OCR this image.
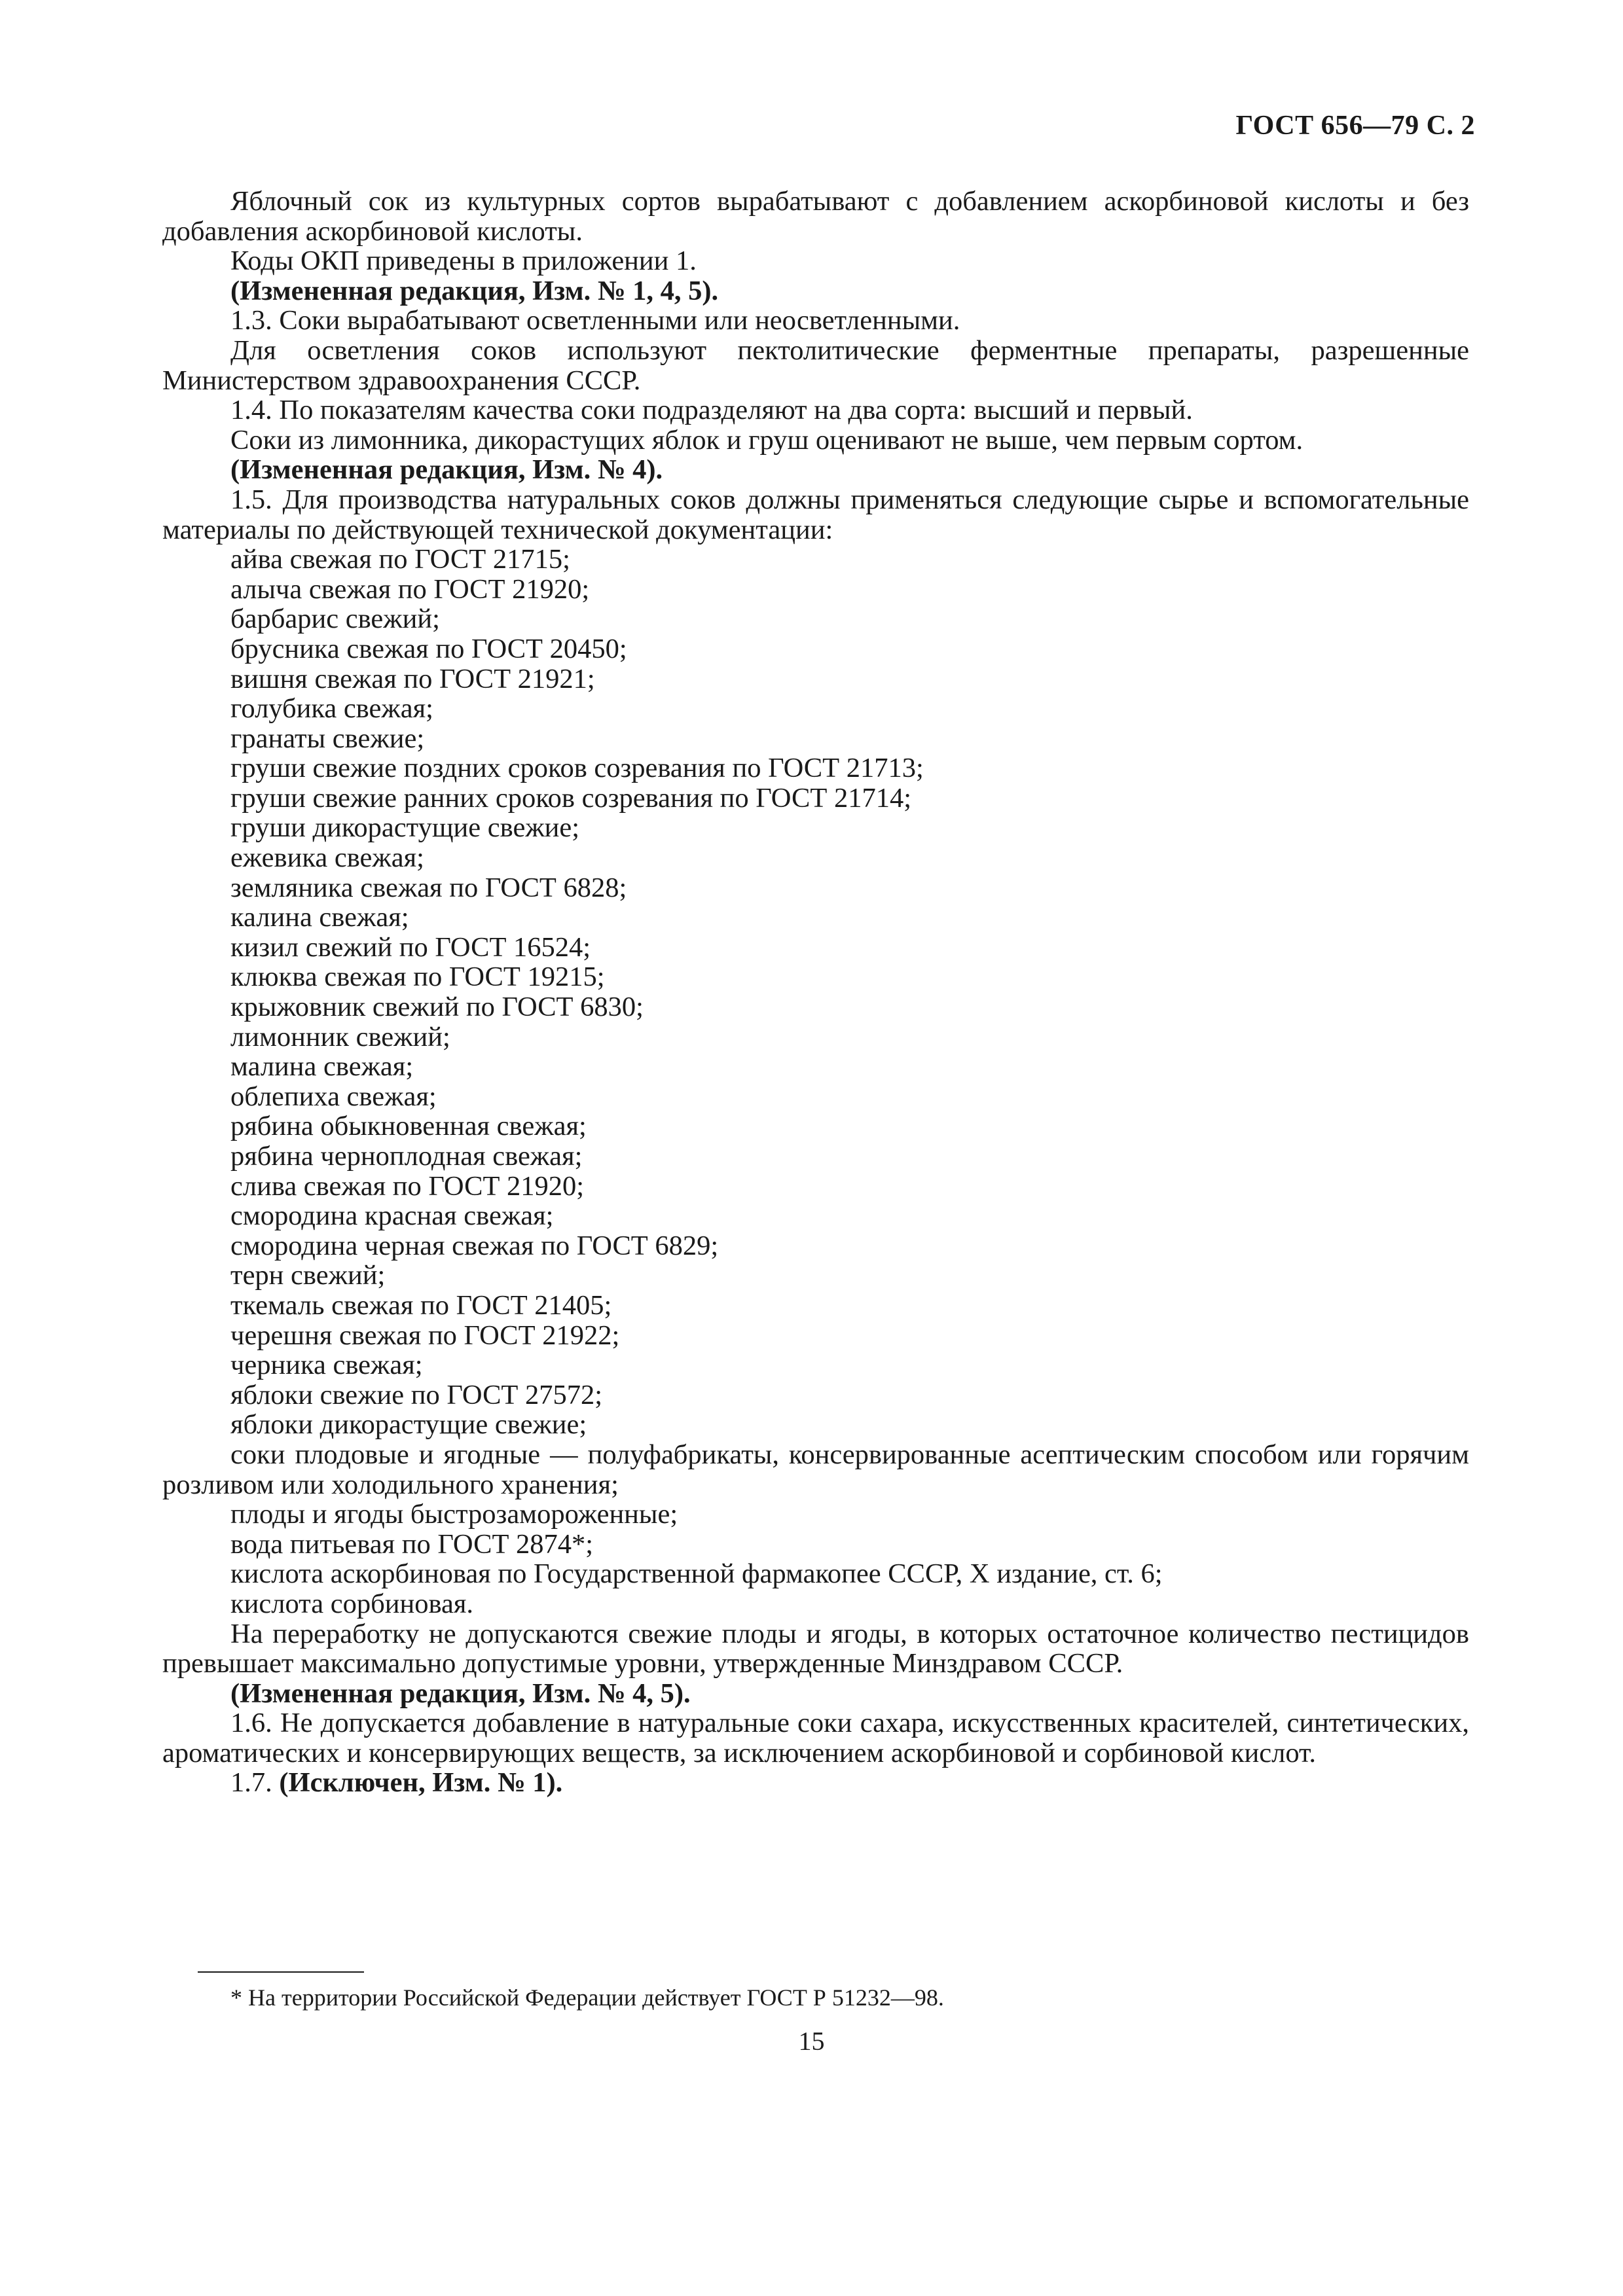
ГОСТ 656—79 С. 2

Яблочный сок из культурных сортов вырабатывают с добавлением аскорбиновой кислоты и без добавления аскорбиновой кислоты.

Коды ОКП приведены в приложении 1.

(Измененная редакция, Изм. № 1, 4, 5).

1.3. Соки вырабатывают осветленными или неосветленными.

Для осветления соков используют пектолитические ферментные препараты, разрешенные Министерством здравоохранения СССР.

1.4. По показателям качества соки подразделяют на два сорта: высший и первый.

Соки из лимонника, дикорастущих яблок и груш оценивают не выше, чем первым сортом.

(Измененная редакция, Изм. № 4).

1.5. Для производства натуральных соков должны применяться следующие сырье и вспомогательные материалы по действующей технической документации:

айва свежая по ГОСТ 21715;
алыча свежая по ГОСТ 21920;
барбарис свежий;
брусника свежая по ГОСТ 20450;
вишня свежая по ГОСТ 21921;
голубика свежая;
гранаты свежие;
груши свежие поздних сроков созревания по ГОСТ 21713;
груши свежие ранних сроков созревания по ГОСТ 21714;
груши дикорастущие свежие;
ежевика свежая;
земляника свежая по ГОСТ 6828;
калина свежая;
кизил свежий по ГОСТ 16524;
клюква свежая по ГОСТ 19215;
крыжовник свежий по ГОСТ 6830;
лимонник свежий;
малина свежая;
облепиха свежая;
рябина обыкновенная свежая;
рябина черноплодная свежая;
слива свежая по ГОСТ 21920;
смородина красная свежая;
смородина черная свежая по ГОСТ 6829;
терн свежий;
ткемаль свежая по ГОСТ 21405;
черешня свежая по ГОСТ 21922;
черника свежая;
яблоки свежие по ГОСТ 27572;
яблоки дикорастущие свежие;

соки плодовые и ягодные — полуфабрикаты, консервированные асептическим способом или горячим розливом или холодильного хранения;

плоды и ягоды быстрозамороженные;

вода питьевая по ГОСТ 2874*;

кислота аскорбиновая по Государственной фармакопее СССР, X издание, ст. 6;

кислота сорбиновая.

На переработку не допускаются свежие плоды и ягоды, в которых остаточное количество пестицидов превышает максимально допустимые уровни, утвержденные Минздравом СССР.

(Измененная редакция, Изм. № 4, 5).

1.6. Не допускается добавление в натуральные соки сахара, искусственных красителей, синтетических, ароматических и консервирующих веществ, за исключением аскорбиновой и сорбиновой кислот.

1.7. (Исключен, Изм. № 1).

* На территории Российской Федерации действует ГОСТ Р 51232—98.
15
